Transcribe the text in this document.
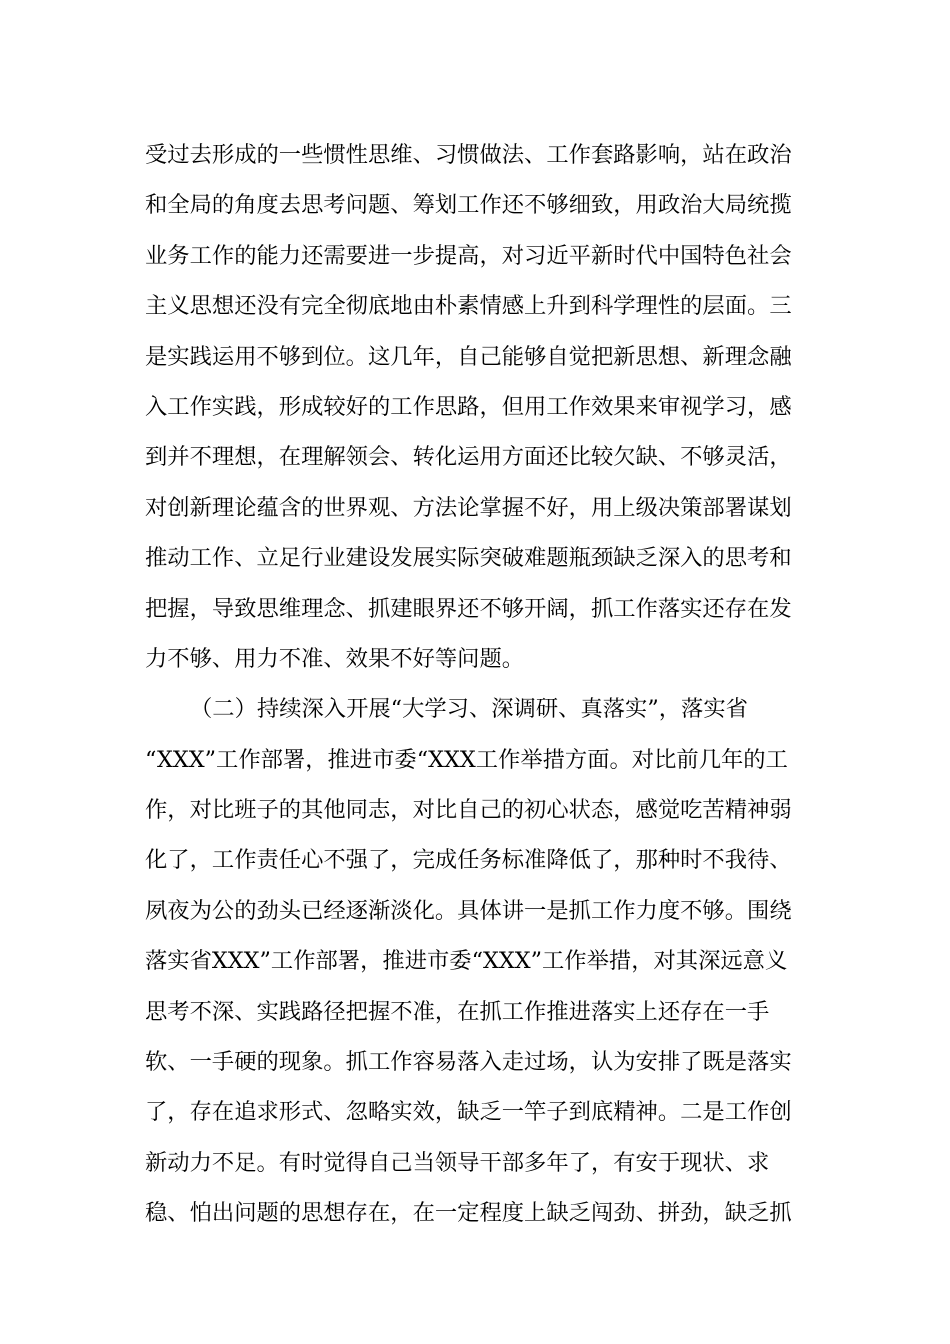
受过去形成的一些惯性思维、习惯做法、工作套路影响，站在政治
和全局的角度去思考问题、筹划工作还不够细致，用政治大局统揽
业务工作的能力还需要进一步提高，对习近平新时代中国特色社会
主义思想还没有完全彻底地由朴素情感上升到科学理性的层面。三
是实践运用不够到位。这几年，自己能够自觉把新思想、新理念融
入工作实践，形成较好的工作思路，但用工作效果来审视学习，感
到并不理想，在理解领会、转化运用方面还比较欠缺、不够灵活，
对创新理论蕴含的世界观、方法论掌握不好，用上级决策部署谋划
推动工作、立足行业建设发展实际突破难题瓶颈缺乏深入的思考和
把握，导致思维理念、抓建眼界还不够开阔，抓工作落实还存在发
力不够、用力不准、效果不好等问题。
（二）持续深入开展“大学习、深调研、真落实”，落实省
“XXX”工作部署，推进市委“XXX工作举措方面。对比前几年的工
作，对比班子的其他同志，对比自己的初心状态，感觉吃苦精神弱
化了，工作责任心不强了，完成任务标准降低了，那种时不我待、
夙夜为公的劲头已经逐渐淡化。具体讲一是抓工作力度不够。围绕
落实省XXX”工作部署，推进市委“XXX”工作举措，对其深远意义
思考不深、实践路径把握不准，在抓工作推进落实上还存在一手
软、一手硬的现象。抓工作容易落入走过场，认为安排了既是落实
了，存在追求形式、忽略实效，缺乏一竿子到底精神。二是工作创
新动力不足。有时觉得自己当领导干部多年了，有安于现状、求
稳、怕出问题的思想存在，在一定程度上缺乏闯劲、拼劲，缺乏抓
